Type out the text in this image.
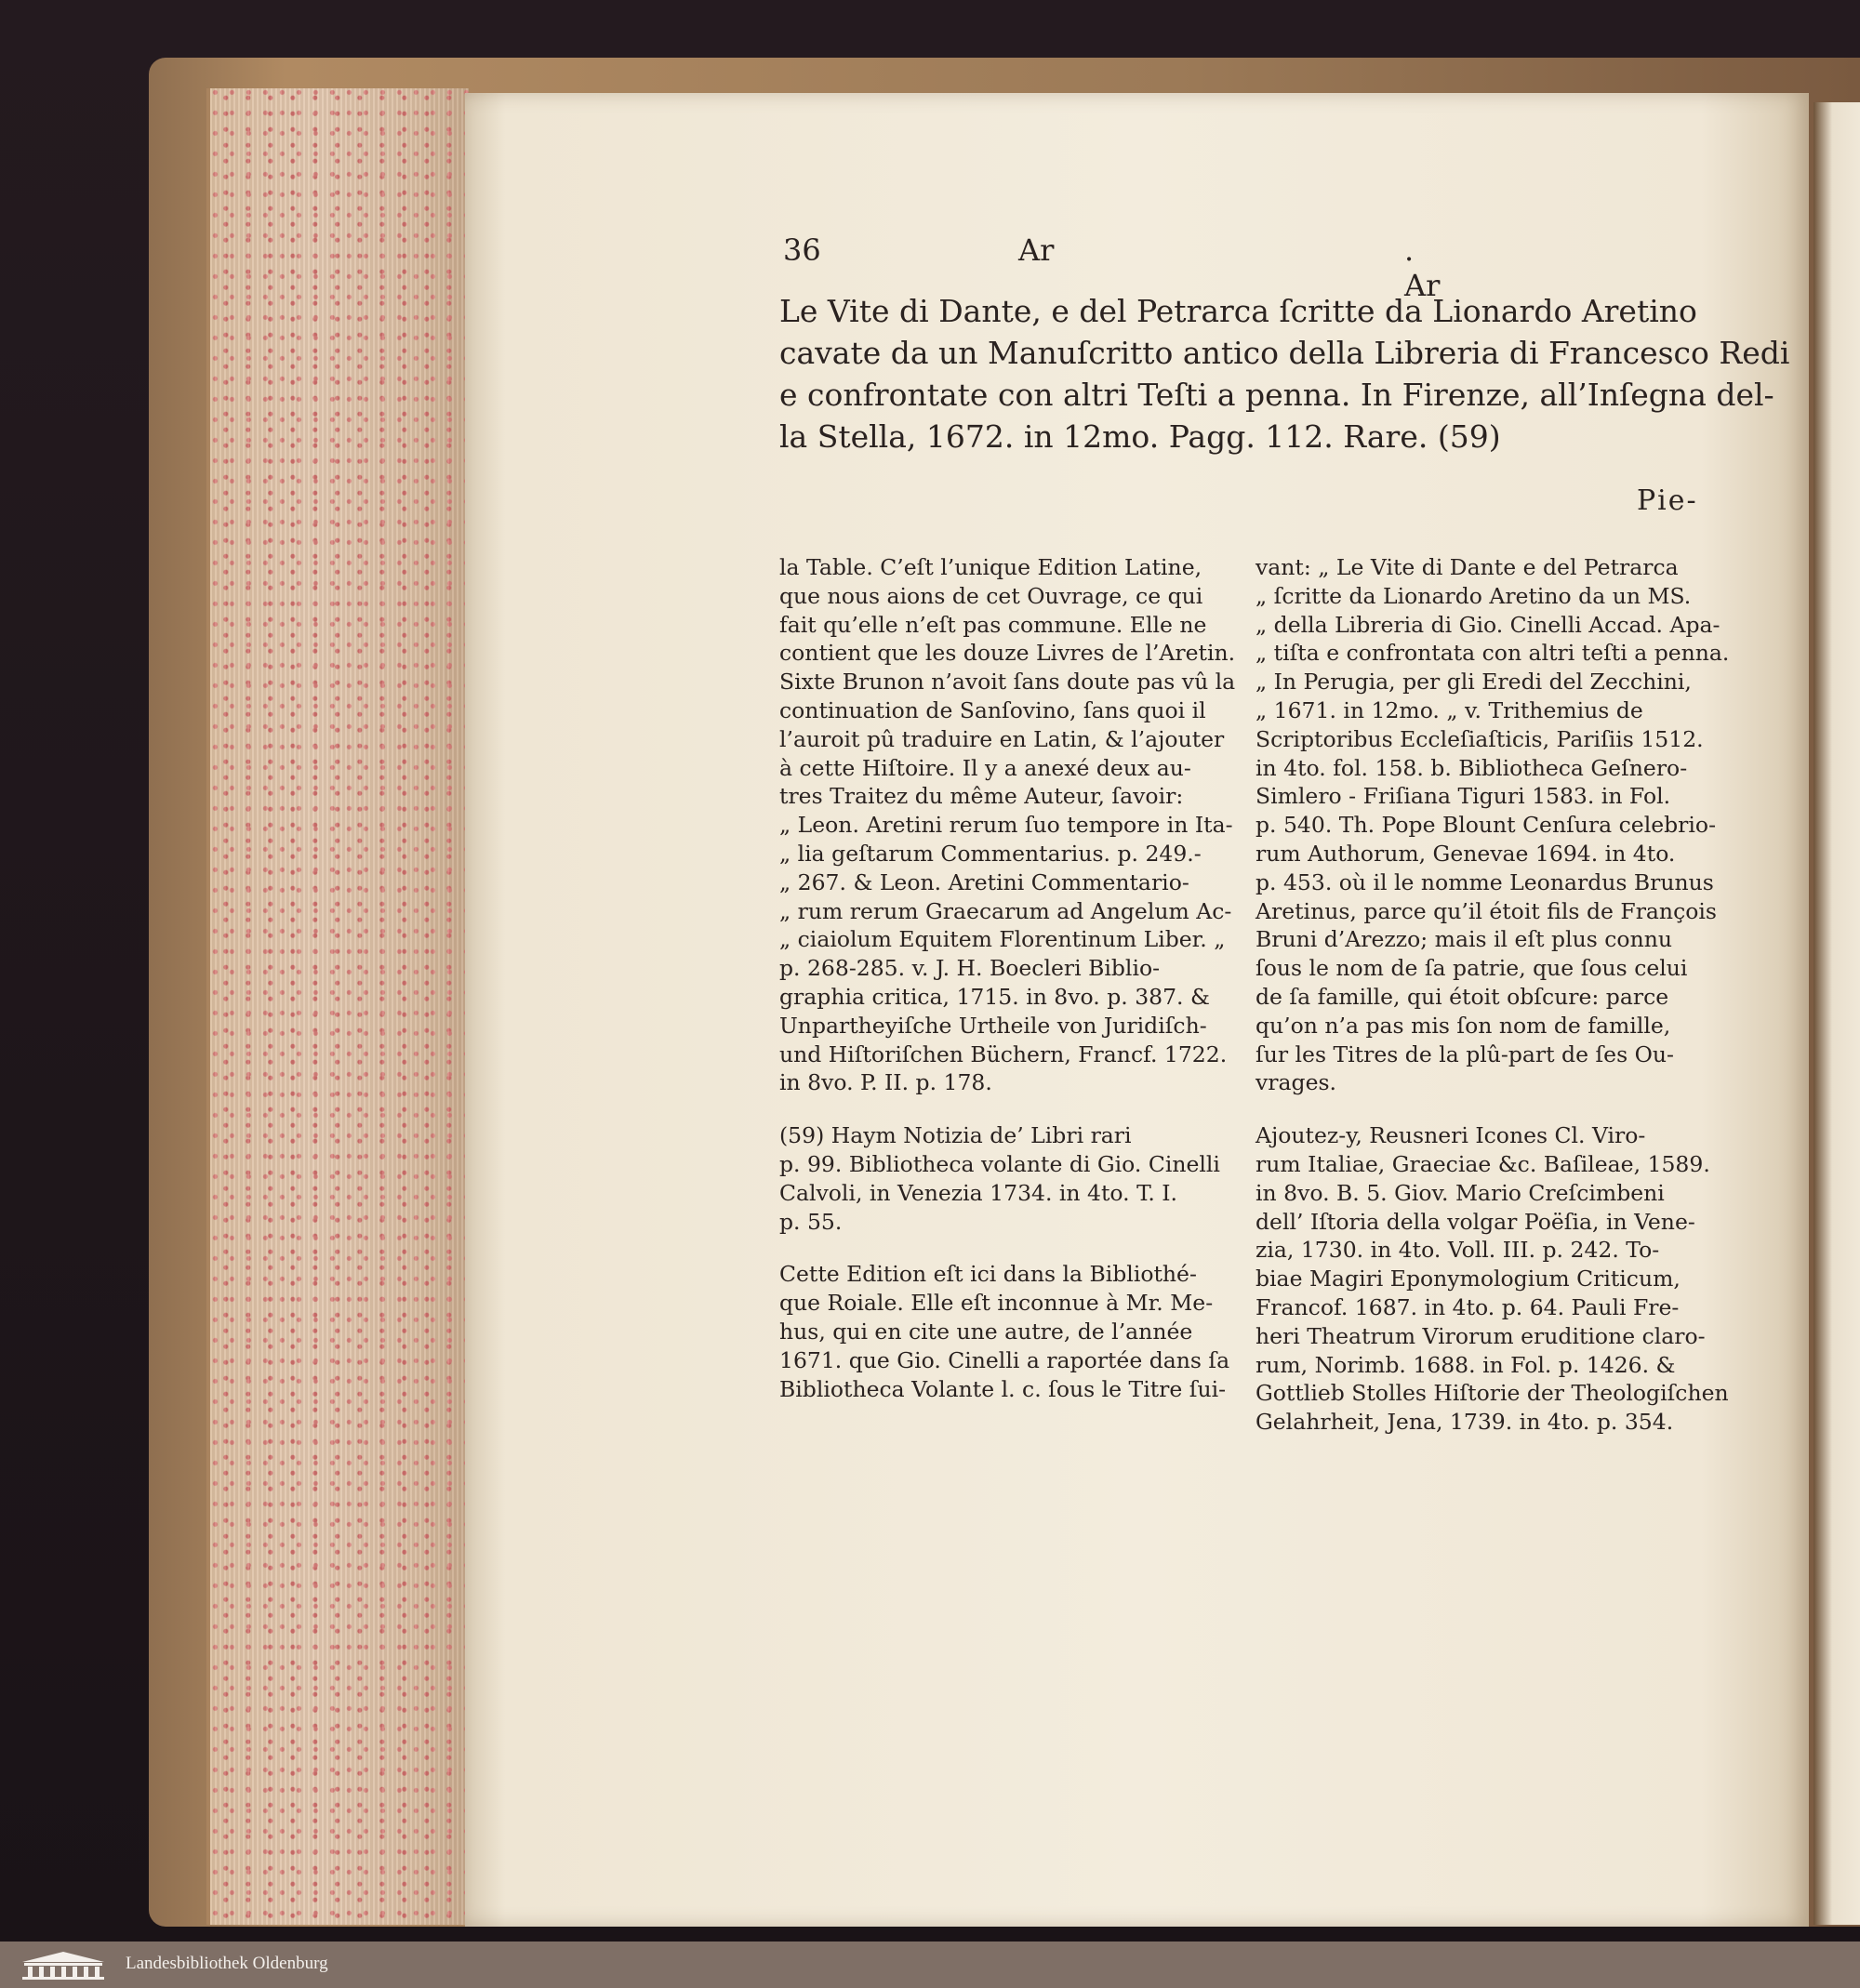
36	Ar	. Ar
Le Vite di Dante, e del Petrarca ſcritte da Lionardo Aretino
cavate da un Manuſcritto antico della Libreria di Francesco Redi
e confrontate con altri Teſti a penna. In Firenze, all’Inſegna del-
la Stella, 1672. in 12mo. Pagg. 112. Rare. (59)
Pie-

la Table. C’eſt l’unique Edition Latine,
que nous aions de cet Ouvrage, ce qui
fait qu’elle n’eſt pas commune. Elle ne
contient que les douze Livres de l’Aretin.
Sixte Brunon n’avoit ſans doute pas vû la
continuation de Sanſovino, ſans quoi il
l’auroit pû traduire en Latin, & l’ajouter
à cette Hiſtoire. Il y a anexé deux au-
tres Traitez du même Auteur, ſavoir:
„ Leon. Aretini rerum ſuo tempore in Ita-
„ lia geſtarum Commentarius. p. 249.-
„ 267. & Leon. Aretini Commentario-
„ rum rerum Graecarum ad Angelum Ac-
„ ciaiolum Equitem Florentinum Liber. „
p. 268-285. v. J. H. Boecleri Biblio-
graphia critica, 1715. in 8vo. p. 387. &
Unpartheyiſche Urtheile von Juridiſch-
und Hiſtoriſchen Büchern, Francf. 1722.
in 8vo. P. II. p. 178.

(59) Haym Notizia de’ Libri rari
p. 99. Bibliotheca volante di Gio. Cinelli
Calvoli, in Venezia 1734. in 4to. T. I.
p. 55.

Cette Edition eſt ici dans la Bibliothé-
que Roiale. Elle eſt inconnue à Mr. Me-
hus, qui en cite une autre, de l’année
1671. que Gio. Cinelli a raportée dans ſa
Bibliotheca Volante l. c. ſous le Titre ſui-

vant: „ Le Vite di Dante e del Petrarca
„ ſcritte da Lionardo Aretino da un MS.
„ della Libreria di Gio. Cinelli Accad. Apa-
„ tiſta e confrontata con altri teſti a penna.
„ In Perugia, per gli Eredi del Zecchini,
„ 1671. in 12mo. „ v. Trithemius de
Scriptoribus Eccleſiaſticis, Pariſiis 1512.
in 4to. fol. 158. b. Bibliotheca Geſnero-
Simlero - Friſiana Tiguri 1583. in Fol.
p. 540. Th. Pope Blount Cenſura celebrio-
rum Authorum, Genevae 1694. in 4to.
p. 453. où il le nomme Leonardus Brunus
Aretinus, parce qu’il étoit fils de François
Bruni d’Arezzo; mais il eſt plus connu
ſous le nom de ſa patrie, que ſous celui
de ſa famille, qui étoit obſcure: parce
qu’on n’a pas mis ſon nom de famille,
ſur les Titres de la plû-part de ſes Ou-
vrages.

Ajoutez-y, Reusneri Icones Cl. Viro-
rum Italiae, Graeciae &c. Baſileae, 1589.
in 8vo. B. 5. Giov. Mario Creſcimbeni
dell’ Iſtoria della volgar Poëſia, in Vene-
zia, 1730. in 4to. Voll. III. p. 242. To-
biae Magiri Eponymologium Criticum,
Francof. 1687. in 4to. p. 64. Pauli Fre-
heri Theatrum Virorum eruditione claro-
rum, Norimb. 1688. in Fol. p. 1426. &
Gottlieb Stolles Hiſtorie der Theologiſchen
Gelahrheit, Jena, 1739. in 4to. p. 354.

Landesbibliothek Oldenburg
